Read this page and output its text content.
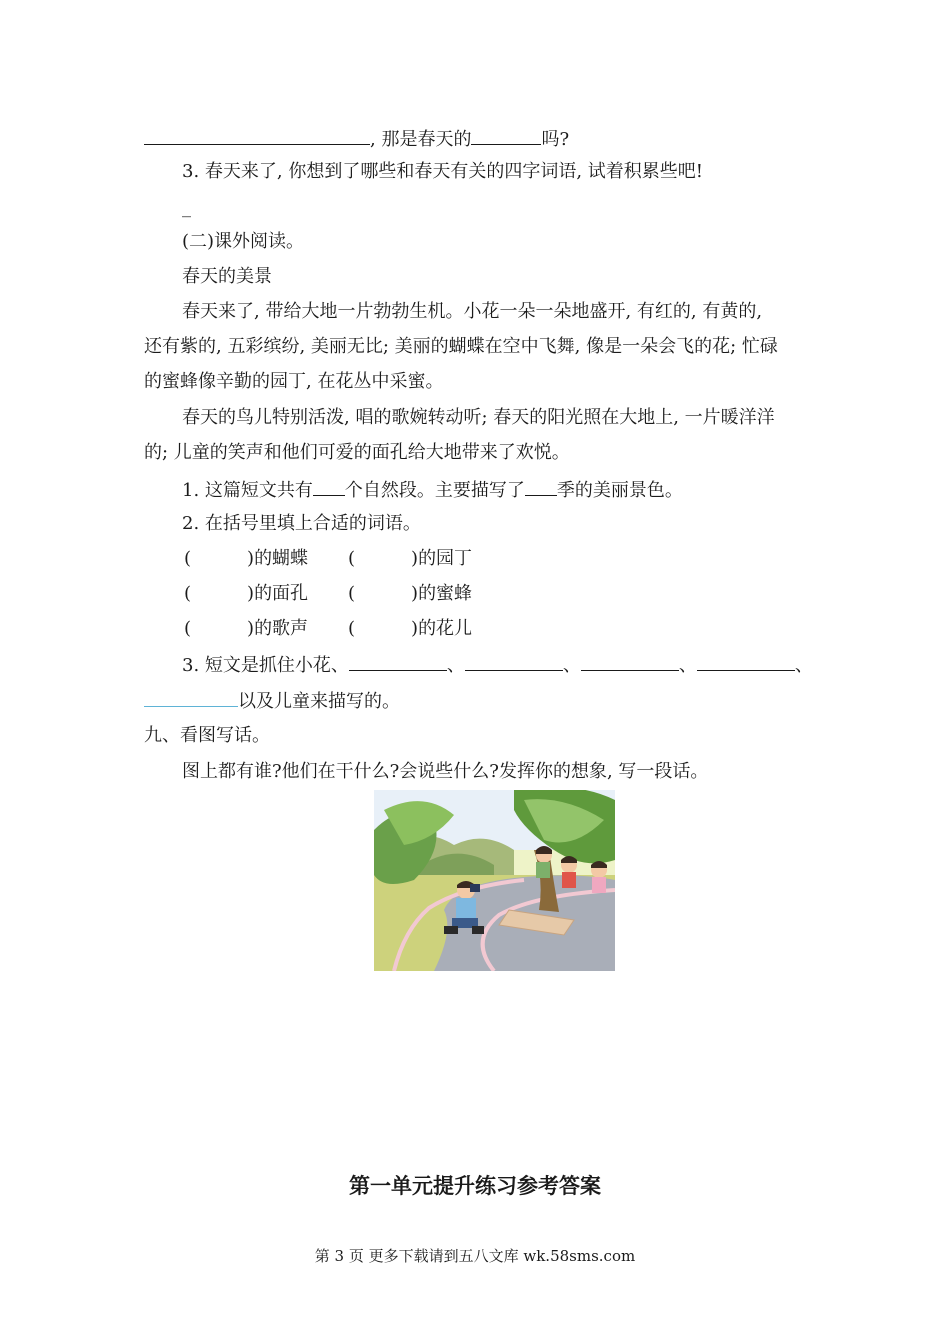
, 那是春天的	吗?
3. 春天来了, 你想到了哪些和春天有关的四字词语, 试着积累些吧!
_
(二)课外阅读。
春天的美景
春天来了, 带给大地一片勃勃生机。小花一朵一朵地盛开, 有红的, 有黄的,
还有紫的, 五彩缤纷, 美丽无比; 美丽的蝴蝶在空中飞舞, 像是一朵会飞的花; 忙碌
的蜜蜂像辛勤的园丁, 在花丛中采蜜。
春天的鸟儿特别活泼, 唱的歌婉转动听; 春天的阳光照在大地上, 一片暖洋洋
的; 儿童的笑声和他们可爱的面孔给大地带来了欢悦。
1. 这篇短文共有 个自然段。主要描写了 季的美丽景色。
2. 在括号里填上合适的词语。
(	)的蝴蝶 (	)的园丁
(	)的面孔 (	)的蜜蜂
(	)的歌声 (	)的花儿
3. 短文是抓住小花、	、	、	、	、
以及儿童来描写的。
九、看图写话。
图上都有谁?他们在干什么?会说些什么?发挥你的想象, 写一段话。
第一单元提升练习参考答案
第 3 页 更多下载请到五八文库 wk.58sms.com
